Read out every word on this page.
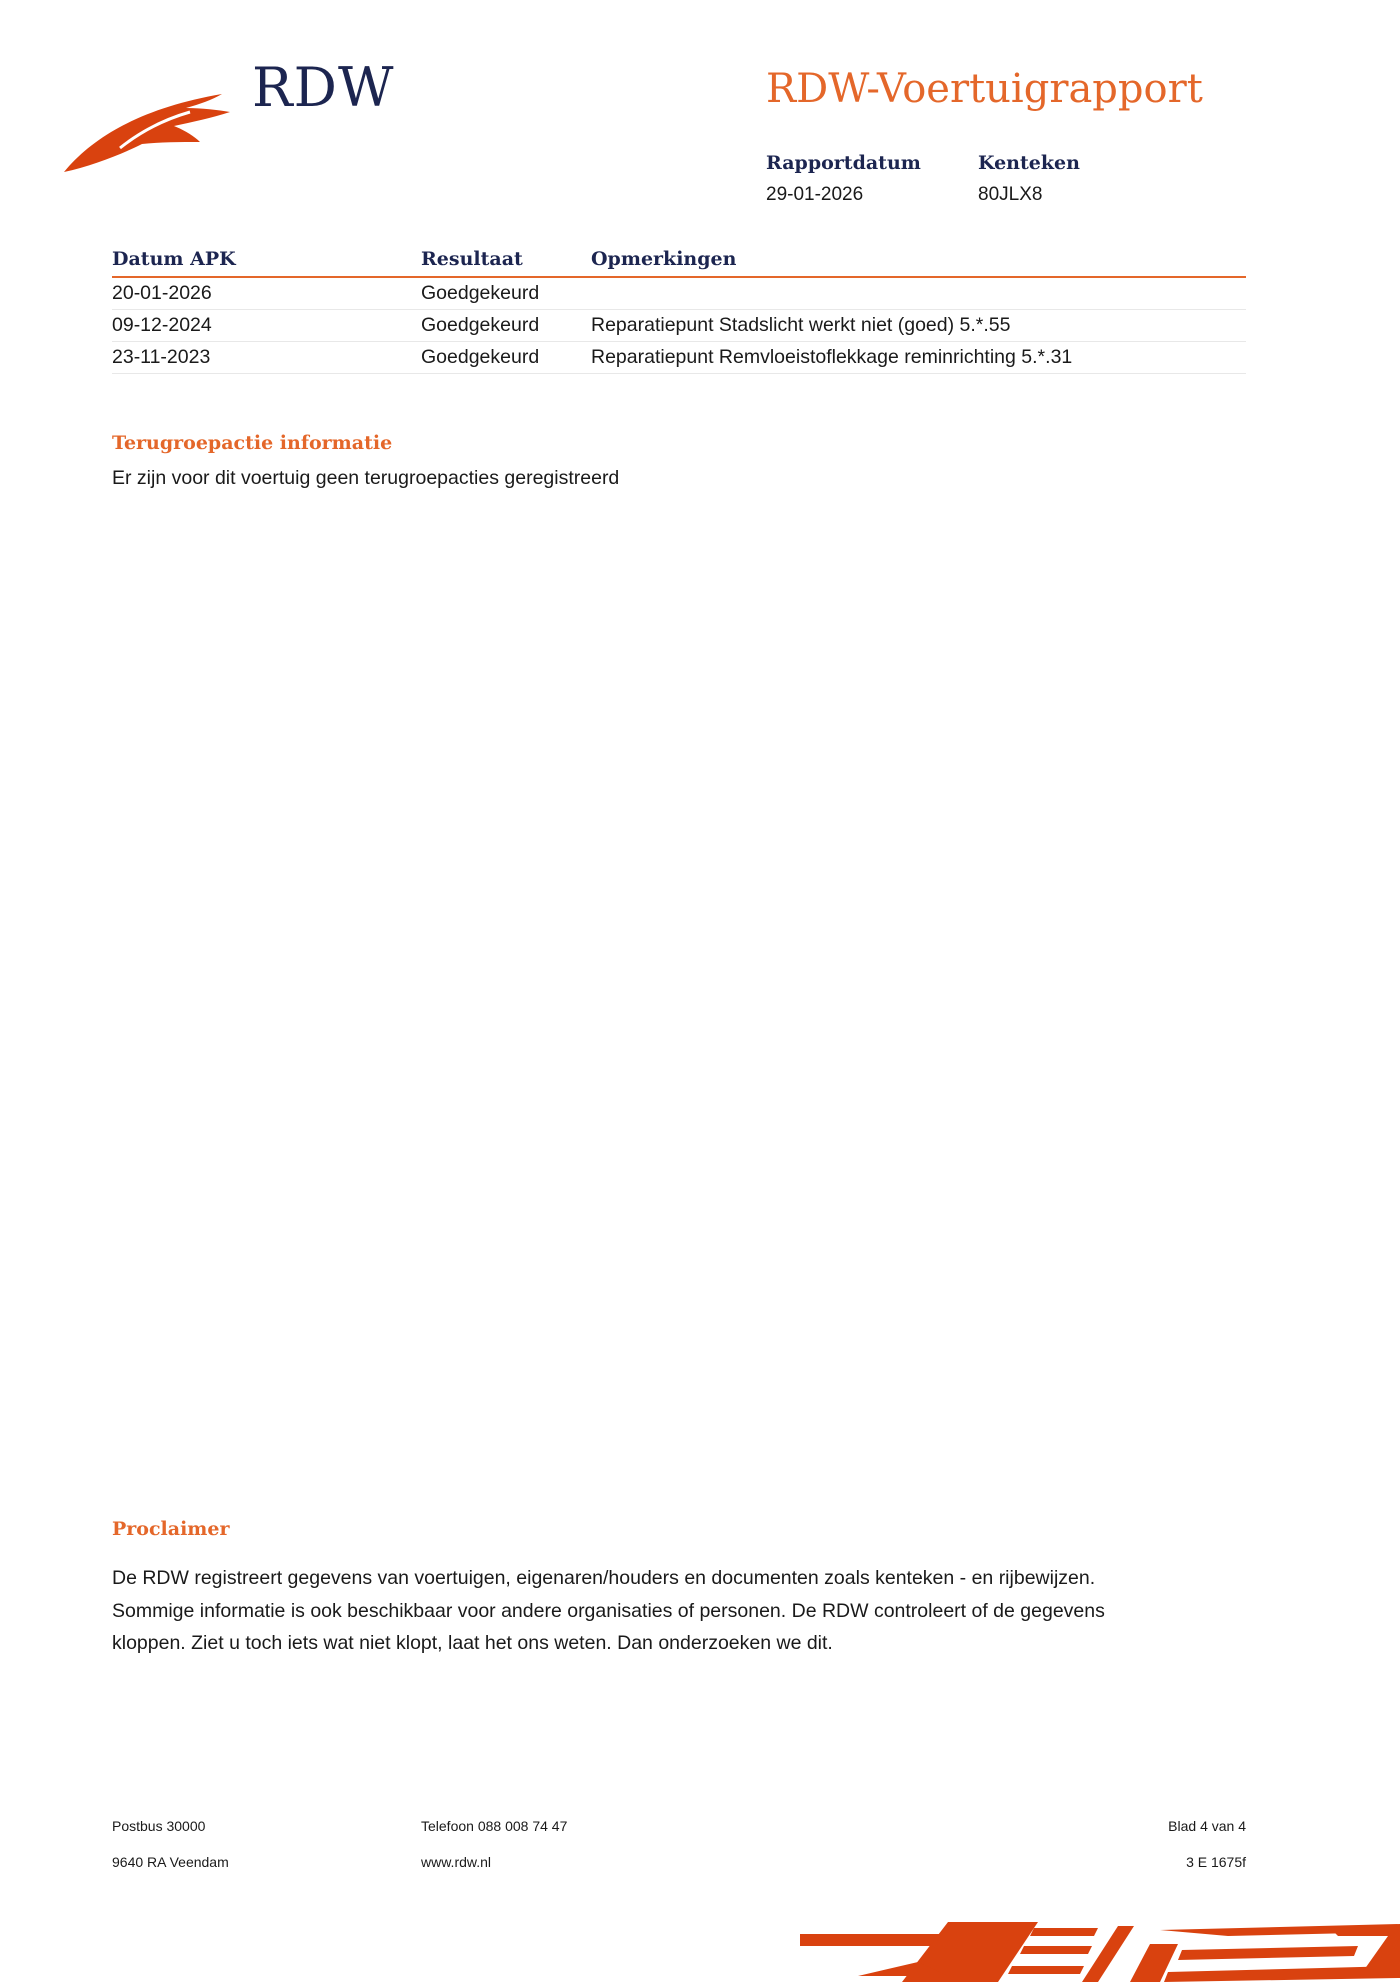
RDW	RDW-Voertuigrapport
Rapportdatum
29-01-2026
Kenteken
80JLX8
Datum APK	Resultaat	Opmerkingen
20-01-2026	Goedgekeurd
09-12-2024	Goedgekeurd	Reparatiepunt Stadslicht werkt niet (goed) 5.*.55
23-11-2023	Goedgekeurd	Reparatiepunt Remvloeistoflekkage reminrichting 5.*.31
Terugroepactie informatie
Er zijn voor dit voertuig geen terugroepacties geregistreerd
Proclaimer
De RDW registreert gegevens van voertuigen, eigenaren/houders en documenten zoals kenteken - en rijbewijzen.
Sommige informatie is ook beschikbaar voor andere organisaties of personen. De RDW controleert of de gegevens
kloppen. Ziet u toch iets wat niet klopt, laat het ons weten. Dan onderzoeken we dit.
Postbus 30000
9640 RA Veendam
Telefoon 088 008 74 47
www.rdw.nl
Blad 4 van 4
3 E 1675f
